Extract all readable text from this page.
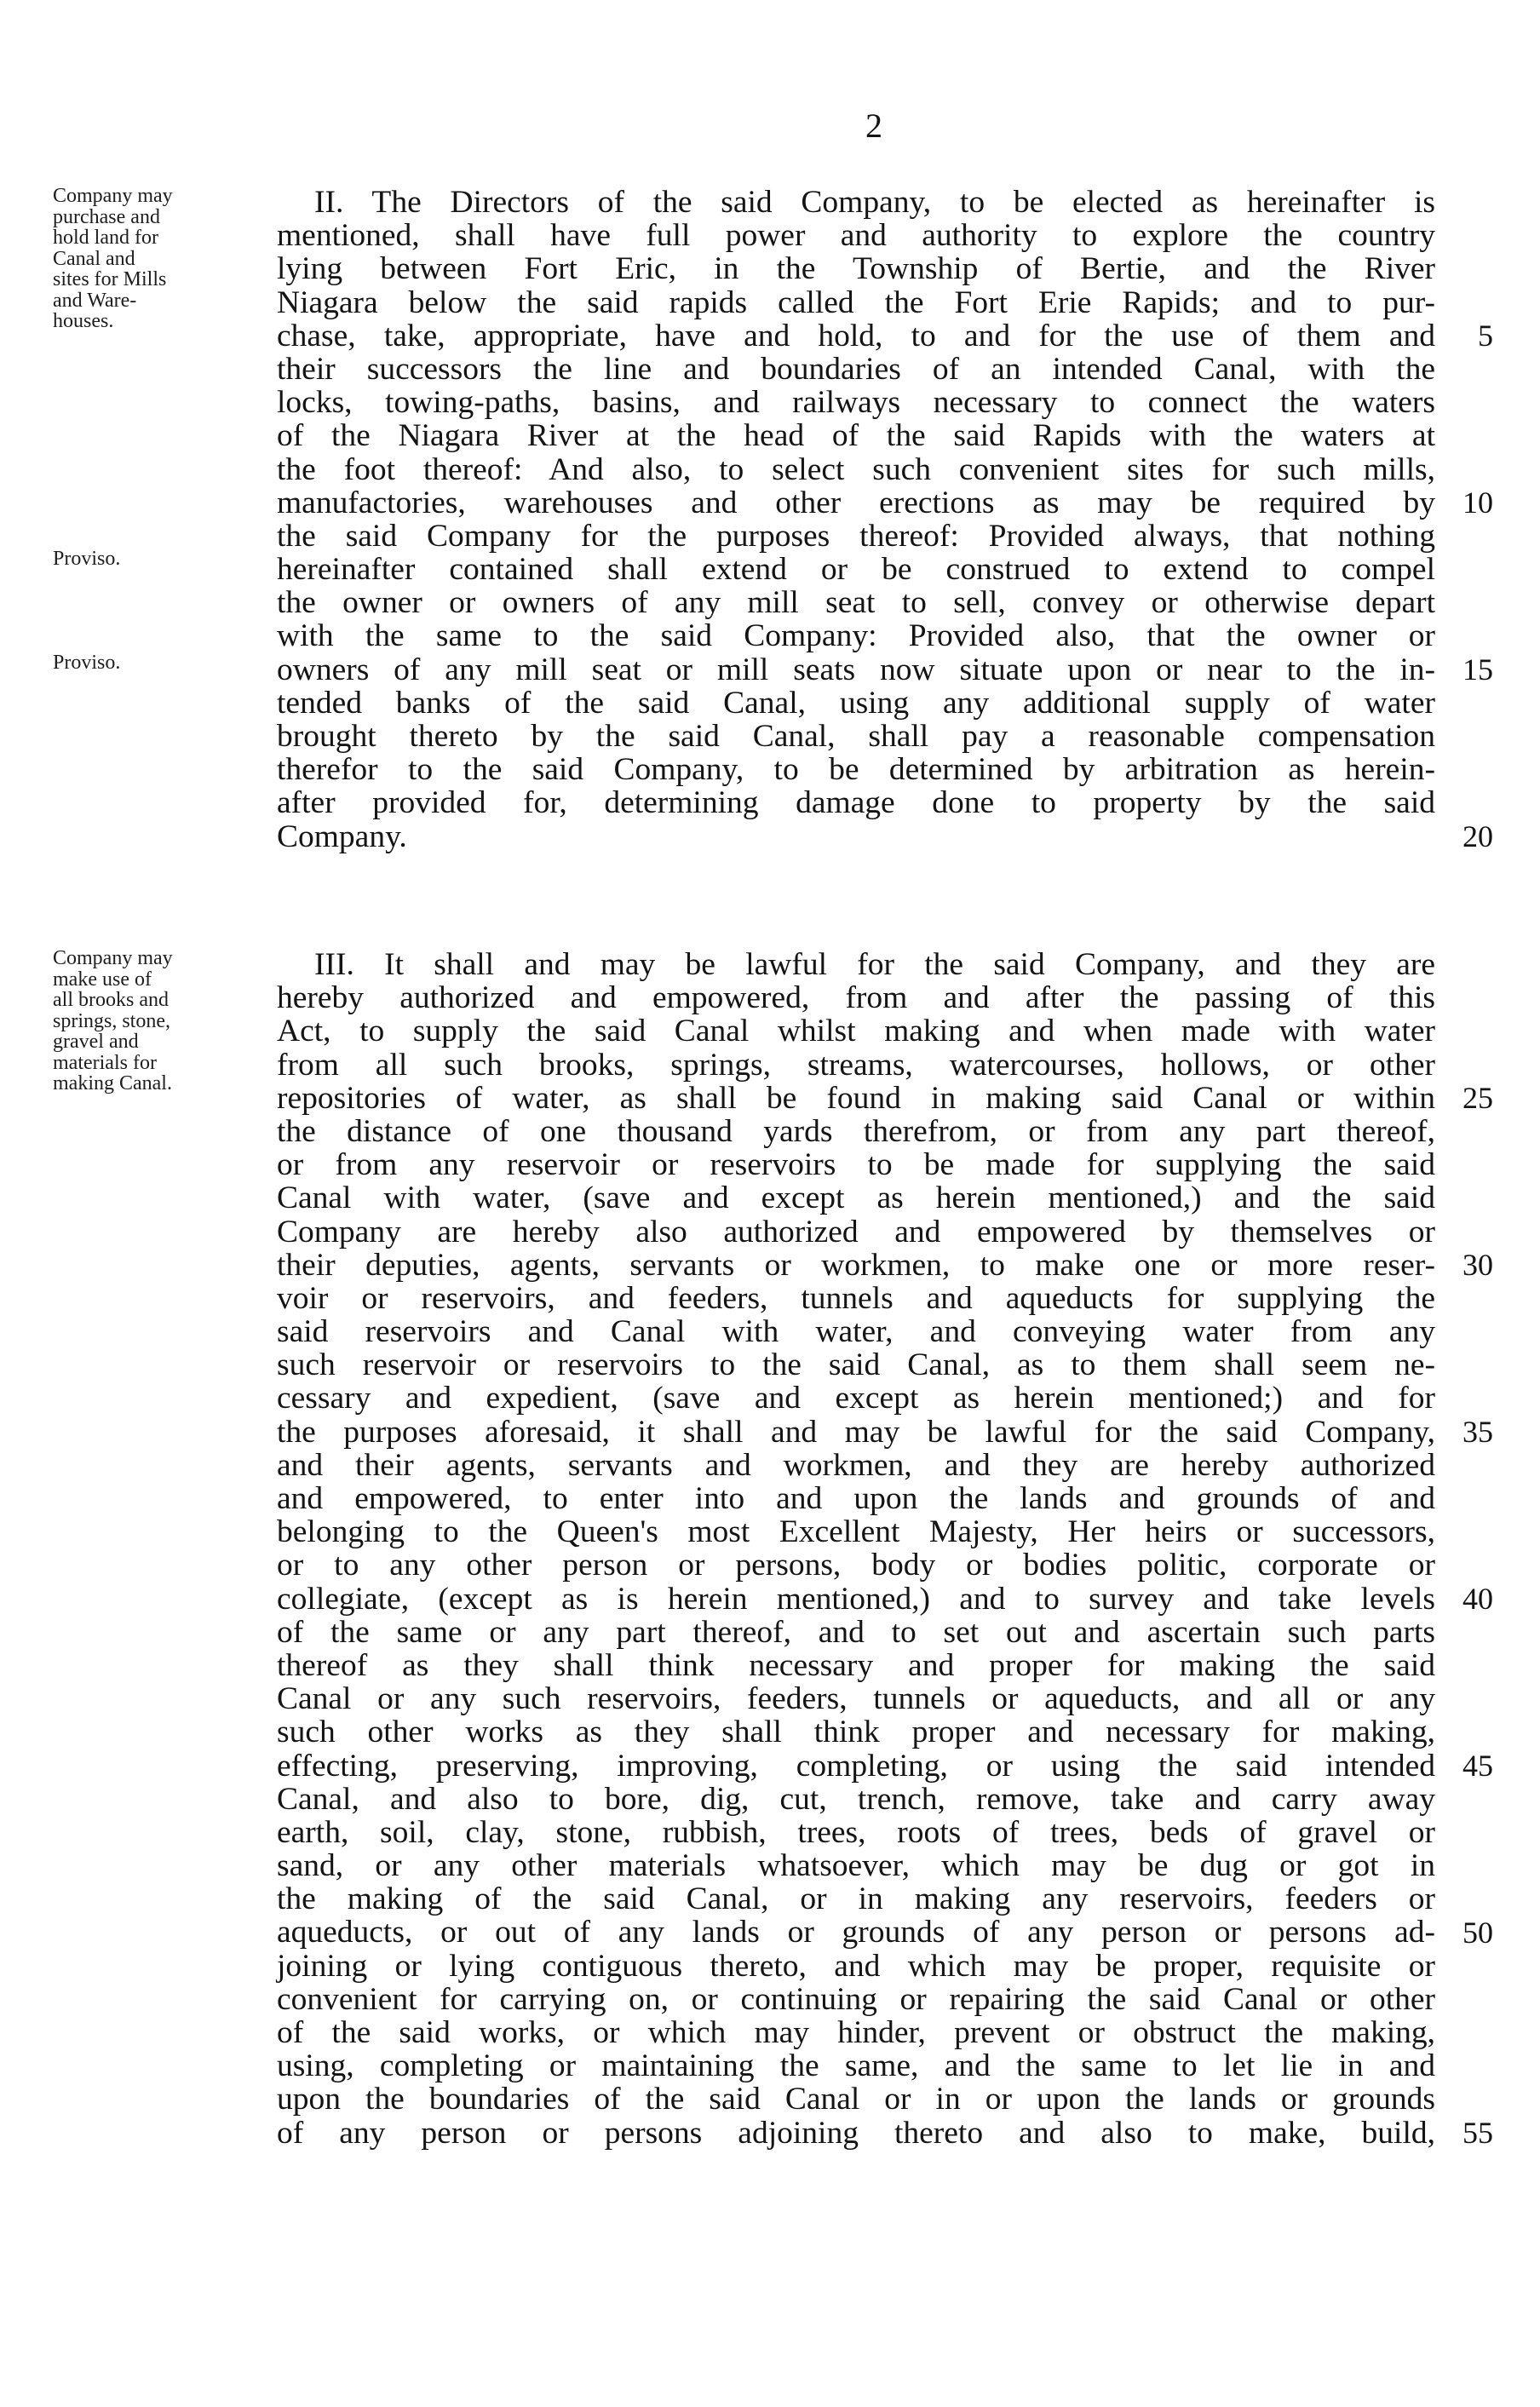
2
Company may
purchase and
hold land for
Canal and
sites for Mills
and Ware-
houses.
Proviso.
Proviso.
II. The Directors of the said Company, to be elected as hereinafter is
mentioned, shall have full power and authority to explore the country
lying between Fort Eric, in the Township of Bertie, and the River
Niagara below the said rapids called the Fort Erie Rapids; and to pur-
chase, take, appropriate, have and hold, to and for the use of them and
their successors the line and boundaries of an intended Canal, with the
locks, towing-paths, basins, and railways necessary to connect the waters
of the Niagara River at the head of the said Rapids with the waters at
the foot thereof: And also, to select such convenient sites for such mills,
manufactories, warehouses and other erections as may be required by
the said Company for the purposes thereof: Provided always, that nothing
hereinafter contained shall extend or be construed to extend to compel
the owner or owners of any mill seat to sell, convey or otherwise depart
with the same to the said Company: Provided also, that the owner or
owners of any mill seat or mill seats now situate upon or near to the in-
tended banks of the said Canal, using any additional supply of water
brought thereto by the said Canal, shall pay a reasonable compensation
therefor to the said Company, to be determined by arbitration as herein-
after provided for, determining damage done to property by the said
Company.
5
10
15
20
Company may
make use of
all brooks and
springs, stone,
gravel and
materials for
making Canal.
III. It shall and may be lawful for the said Company, and they are
hereby authorized and empowered, from and after the passing of this
Act, to supply the said Canal whilst making and when made with water
from all such brooks, springs, streams, watercourses, hollows, or other
repositories of water, as shall be found in making said Canal or within
the distance of one thousand yards therefrom, or from any part thereof,
or from any reservoir or reservoirs to be made for supplying the said
Canal with water, (save and except as herein mentioned,) and the said
Company are hereby also authorized and empowered by themselves or
their deputies, agents, servants or workmen, to make one or more reser-
voir or reservoirs, and feeders, tunnels and aqueducts for supplying the
said reservoirs and Canal with water, and conveying water from any
such reservoir or reservoirs to the said Canal, as to them shall seem ne-
cessary and expedient, (save and except as herein mentioned;) and for
the purposes aforesaid, it shall and may be lawful for the said Company,
and their agents, servants and workmen, and they are hereby authorized
and empowered, to enter into and upon the lands and grounds of and
belonging to the Queen's most Excellent Majesty, Her heirs or successors,
or to any other person or persons, body or bodies politic, corporate or
collegiate, (except as is herein mentioned,) and to survey and take levels
of the same or any part thereof, and to set out and ascertain such parts
thereof as they shall think necessary and proper for making the said
Canal or any such reservoirs, feeders, tunnels or aqueducts, and all or any
such other works as they shall think proper and necessary for making,
effecting, preserving, improving, completing, or using the said intended
Canal, and also to bore, dig, cut, trench, remove, take and carry away
earth, soil, clay, stone, rubbish, trees, roots of trees, beds of gravel or
sand, or any other materials whatsoever, which may be dug or got in
the making of the said Canal, or in making any reservoirs, feeders or
aqueducts, or out of any lands or grounds of any person or persons ad-
joining or lying contiguous thereto, and which may be proper, requisite or
convenient for carrying on, or continuing or repairing the said Canal or other
of the said works, or which may hinder, prevent or obstruct the making,
using, completing or maintaining the same, and the same to let lie in and
upon the boundaries of the said Canal or in or upon the lands or grounds
of any person or persons adjoining thereto and also to make, build,
25
30
35
40
45
50
55
